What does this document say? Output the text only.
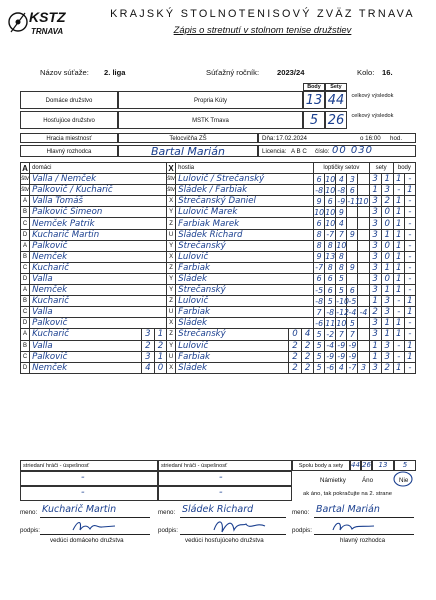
KSTZ
TRNAVA
KRAJSKÝ STOLNOTENISOVÝ ZVÄZ TRNAVA
Zápis o stretnutí v stolnom tenise družstiev
Názov súťaže: 2. liga	Súťažný ročník: 2023/24	Kolo: 16.
Body	Sety
Domáce družstvo	Propria Kúty	13 44	celkový výsledok
Hosťujúce družstvo	MSTK Trnava	5 26	celkový výsledok
Hracia miestnosť	Telocvičňa ZŠ	Dňa: 17.02.2024	o 16:00 hod.
Hlavný rozhodca	Bartal Marián	Licencia: A B C číslo: 00 030
A	domáci			X	hostia			loptičky setov					sety		body	
štv	Valla / Nemček			štv	Lulovič / Strečanský			6	10	4	3		3	1	1	-
štv	Palkovič / Kucharič			štv	Sládek / Farbiak			-8	10	-8	6		1	3	-	1
A	Valla Tomáš			X	Strečanský Daniel			9	6	-9	-11	10	3	2	1	-
B	Palkovič Simeon			Y	Lulovič Marek			10	10	9			3	0	1	-
C	Nemček Patrik			Z	Farbiak Marek			6	10	4			3	0	1	-
D	Kucharič Martin			U	Sládek Richard			8	-7	7	9		3	1	1	-
A	Palkovič			Y	Strečanský			8	8	10			3	0	1	-
B	Nemček			X	Lulovič			9	13	8			3	0	1	-
C	Kucharič			Z	Farbiak			-7	8	8	9		3	1	1	-
D	Valla			Y	Sládek			6	6	5			3	0	1	-
A	Nemček			Y	Strečanský			-5	6	5	6		3	1	1	-
B	Kucharič			Z	Lulovič			-8	5	-10	-5		1	3	-	1
C	Valla			U	Farbiak			7	-8	-12	-4	-4	2	3	-	1
D	Palkovič			X	Sládek			-6	11	10	5		3	1	1	-
A	Kucharič	3	1	Z	Strečanský	0	4	5	-2	7	7		3	1	1	-
B	Valla	2	2	Y	Lulovič	2	2	5	-4	-9	-9		1	3	-	1
C	Palkovič	3	1	U	Farbiak	2	2	5	-9	-9	-9		1	3	-	1
D	Nemček	4	0	X	Sládek	2	2	5	-6	4	-7	3	3	2	1	-
striedaní hráči - úspešnosť	striedaní hráči - úspešnosť	Spolu body a sety	44 26	13	5
-	-
-	-
Námietky	Áno	Nie
ak áno, tak pokračujte na 2. strane
meno: Kucharič Martin	meno: Sládek Richard	meno: Bartal Marián
podpis:	podpis:	podpis:
vedúci domáceho družstva	vedúci hosťujúceho družstva	hlavný rozhodca
